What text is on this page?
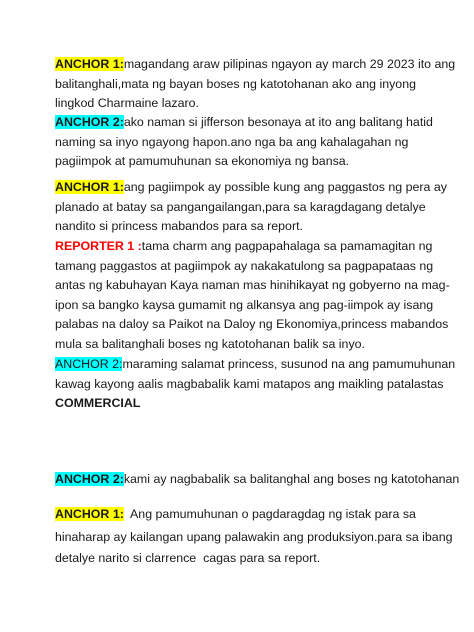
ANCHOR 1:magandang araw pilipinas ngayon ay march 29 2023 ito ang
balitanghali,mata ng bayan boses ng katotohanan ako ang inyong
lingkod Charmaine lazaro.
ANCHOR 2:ako naman si jifferson besonaya at ito ang balitang hatid
naming sa inyo ngayong hapon.ano nga ba ang kahalagahan ng
pagiimpok at pamumuhunan sa ekonomiya ng bansa.
ANCHOR 1:ang pagiimpok ay possible kung ang paggastos ng pera ay
planado at batay sa pangangailangan,para sa karagdagang detalye
nandito si princess mabandos para sa report.
REPORTER 1 :tama charm ang pagpapahalaga sa pamamagitan ng
tamang paggastos at pagiimpok ay nakakatulong sa pagpapataas ng
antas ng kabuhayan Kaya naman mas hinihikayat ng gobyerno na mag-
ipon sa bangko kaysa gumamit ng alkansya ang pag-iimpok ay isang
palabas na daloy sa Paikot na Daloy ng Ekonomiya,princess mabandos
mula sa balitanghali boses ng katotohanan balik sa inyo.
ANCHOR 2:maraming salamat princess, susunod na ang pamumuhunan
kawag kayong aalis magbabalik kami matapos ang maikling patalastas
COMMERCIAL
ANCHOR 2:kami ay nagbabalik sa balitanghal ang boses ng katotohanan
ANCHOR 1:  Ang pamumuhunan o pagdaragdag ng istak para sa
hinaharap ay kailangan upang palawakin ang produksiyon.para sa ibang
detalye narito si clarrence  cagas para sa report.
